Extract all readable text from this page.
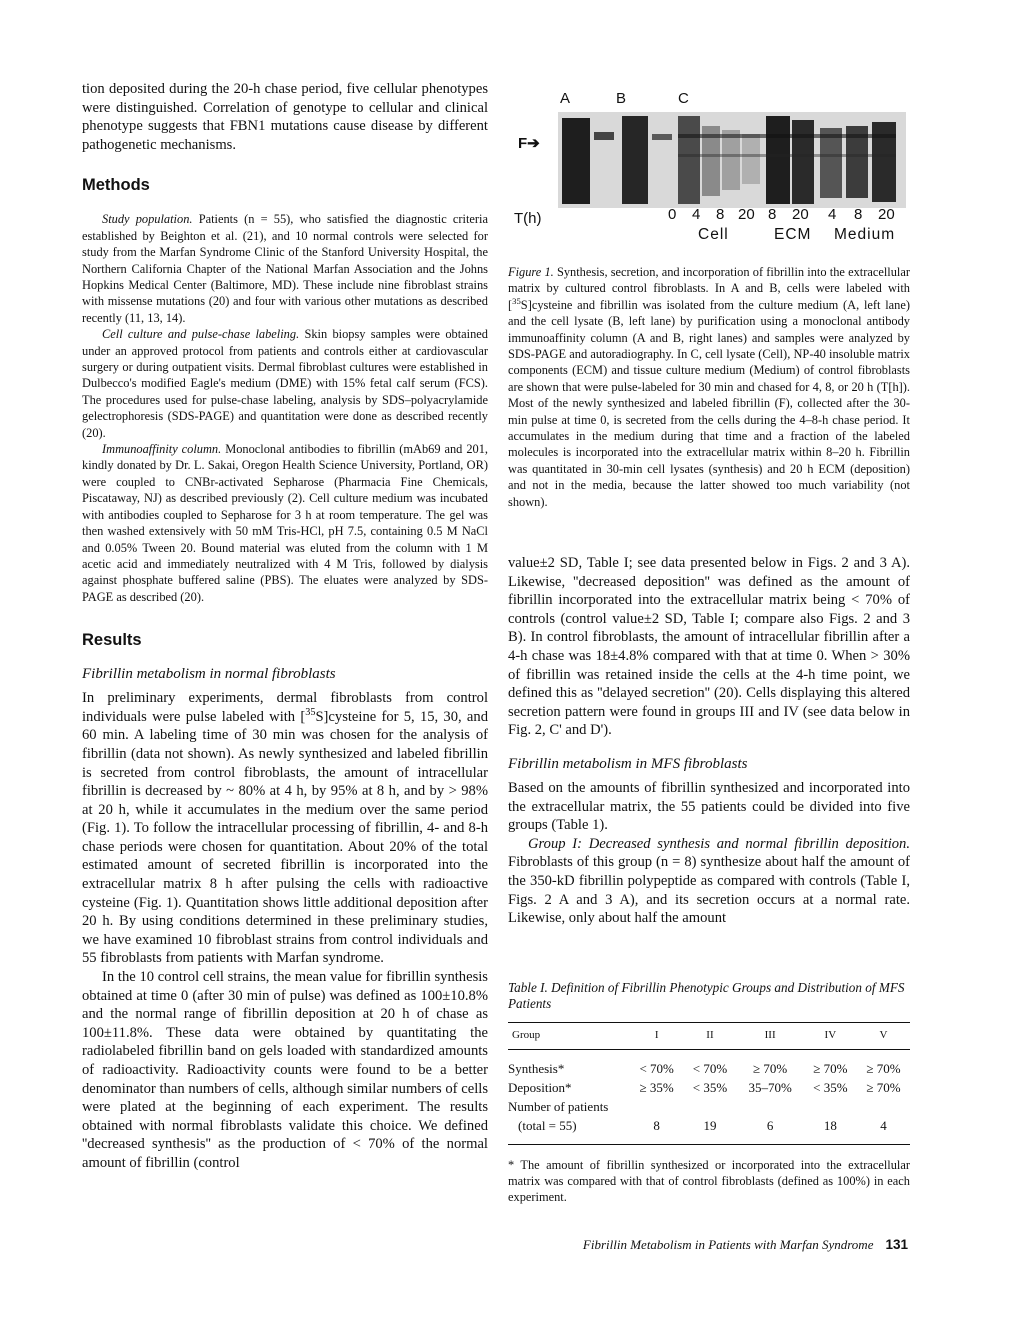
tion deposited during the 20-h chase period, five cellular phenotypes were distinguished. Correlation of genotype to cellular and clinical phenotype suggests that FBN1 mutations cause disease by different pathogenetic mechanisms.

Methods

Study population. Patients (n = 55), who satisfied the diagnostic criteria established by Beighton et al. (21), and 10 normal controls were selected for study from the Marfan Syndrome Clinic of the Stanford University Hospital, the Northern California Chapter of the National Marfan Association and the Johns Hopkins Medical Center (Baltimore, MD). These include nine fibroblast strains with missense mutations (20) and four with various other mutations as described recently (11, 13, 14).

Cell culture and pulse-chase labeling. Skin biopsy samples were obtained under an approved protocol from patients and controls either at cardiovascular surgery or during outpatient visits. Dermal fibroblast cultures were established in Dulbecco's modified Eagle's medium (DME) with 15% fetal calf serum (FCS). The procedures used for pulse-chase labeling, analysis by SDS–polyacrylamide gelectrophoresis (SDS-PAGE) and quantitation were done as described recently (20).

Immunoaffinity column. Monoclonal antibodies to fibrillin (mAb69 and 201, kindly donated by Dr. L. Sakai, Oregon Health Science University, Portland, OR) were coupled to CNBr-activated Sepharose (Pharmacia Fine Chemicals, Piscataway, NJ) as described previously (2). Cell culture medium was incubated with antibodies coupled to Sepharose for 3 h at room temperature. The gel was then washed extensively with 50 mM Tris-HCl, pH 7.5, containing 0.5 M NaCl and 0.05% Tween 20. Bound material was eluted from the column with 1 M acetic acid and immediately neutralized with 4 M Tris, followed by dialysis against phosphate buffered saline (PBS). The eluates were analyzed by SDS-PAGE as described (20).

Results

Fibrillin metabolism in normal fibroblasts

In preliminary experiments, dermal fibroblasts from control individuals were pulse labeled with [$^{35}$S]cysteine for 5, 15, 30, and 60 min. A labeling time of 30 min was chosen for the analysis of fibrillin (data not shown). As newly synthesized and labeled fibrillin is secreted from control fibroblasts, the amount of intracellular fibrillin is decreased by ~ 80% at 4 h, by 95% at 8 h, and by > 98% at 20 h, while it accumulates in the medium over the same period (Fig. 1). To follow the intracellular processing of fibrillin, 4- and 8-h chase periods were chosen for quantitation. About 20% of the total estimated amount of secreted fibrillin is incorporated into the extracellular matrix 8 h after pulsing the cells with radioactive cysteine (Fig. 1). Quantitation shows little additional deposition after 20 h. By using conditions determined in these preliminary studies, we have examined 10 fibroblast strains from control individuals and 55 fibroblasts from patients with Marfan syndrome.

In the 10 control cell strains, the mean value for fibrillin synthesis obtained at time 0 (after 30 min of pulse) was defined as 100±10.8% and the normal range of fibrillin deposition at 20 h of chase as 100±11.8%. These data were obtained by quantitating the radiolabeled fibrillin band on gels loaded with standardized amounts of radioactivity. Radioactivity counts were found to be a better denominator than numbers of cells, although similar numbers of cells were plated at the beginning of each experiment. The results obtained with normal fibroblasts validate this choice. We defined ''decreased synthesis'' as the production of < 70% of the normal amount of fibrillin (control

A	B	C
F➔
T(h)	0 4 8 20 8 20 4 8 20
Cell	ECM Medium

Figure 1. Synthesis, secretion, and incorporation of fibrillin into the extracellular matrix by cultured control fibroblasts. In A and B, cells were labeled with [$^{35}$S]cysteine and fibrillin was isolated from the culture medium (A, left lane) and the cell lysate (B, left lane) by purification using a monoclonal antibody immunoaffinity column (A and B, right lanes) and samples were analyzed by SDS-PAGE and autoradiography. In C, cell lysate (Cell), NP-40 insoluble matrix components (ECM) and tissue culture medium (Medium) of control fibroblasts are shown that were pulse-labeled for 30 min and chased for 4, 8, or 20 h (T[h]). Most of the newly synthesized and labeled fibrillin (F), collected after the 30-min pulse at time 0, is secreted from the cells during the 4–8-h chase period. It accumulates in the medium during that time and a fraction of the labeled molecules is incorporated into the extracellular matrix within 8–20 h. Fibrillin was quantitated in 30-min cell lysates (synthesis) and 20 h ECM (deposition) and not in the media, because the latter showed too much variability (not shown).

value±2 SD, Table I; see data presented below in Figs. 2 and 3 A). Likewise, ''decreased deposition'' was defined as the amount of fibrillin incorporated into the extracellular matrix being < 70% of controls (control value±2 SD, Table I; compare also Figs. 2 and 3 B). In control fibroblasts, the amount of intracellular fibrillin after a 4-h chase was 18±4.8% compared with that at time 0. When > 30% of fibrillin was retained inside the cells at the 4-h time point, we defined this as ''delayed secretion'' (20). Cells displaying this altered secretion pattern were found in groups III and IV (see data below in Fig. 2, C' and D').

Fibrillin metabolism in MFS fibroblasts

Based on the amounts of fibrillin synthesized and incorporated into the extracellular matrix, the 55 patients could be divided into five groups (Table 1).

Group I: Decreased synthesis and normal fibrillin deposition. Fibroblasts of this group (n = 8) synthesize about half the amount of the 350-kD fibrillin polypeptide as compared with controls (Table I, Figs. 2 A and 3 A), and its secretion occurs at a normal rate. Likewise, only about half the amount

Table I. Definition of Fibrillin Phenotypic Groups and Distribution of MFS Patients

Group	I	II	III	IV	V
Synthesis*	< 70%	< 70%	≥ 70%	≥ 70%	≥ 70%
Deposition*	≥ 35%	< 35%	35–70%	< 35%	≥ 70%
Number of patients					
(total = 55)	8	19	6	18	4

* The amount of fibrillin synthesized or incorporated into the extracellular matrix was compared with that of control fibroblasts (defined as 100%) in each experiment.

Fibrillin Metabolism in Patients with Marfan Syndrome 131
